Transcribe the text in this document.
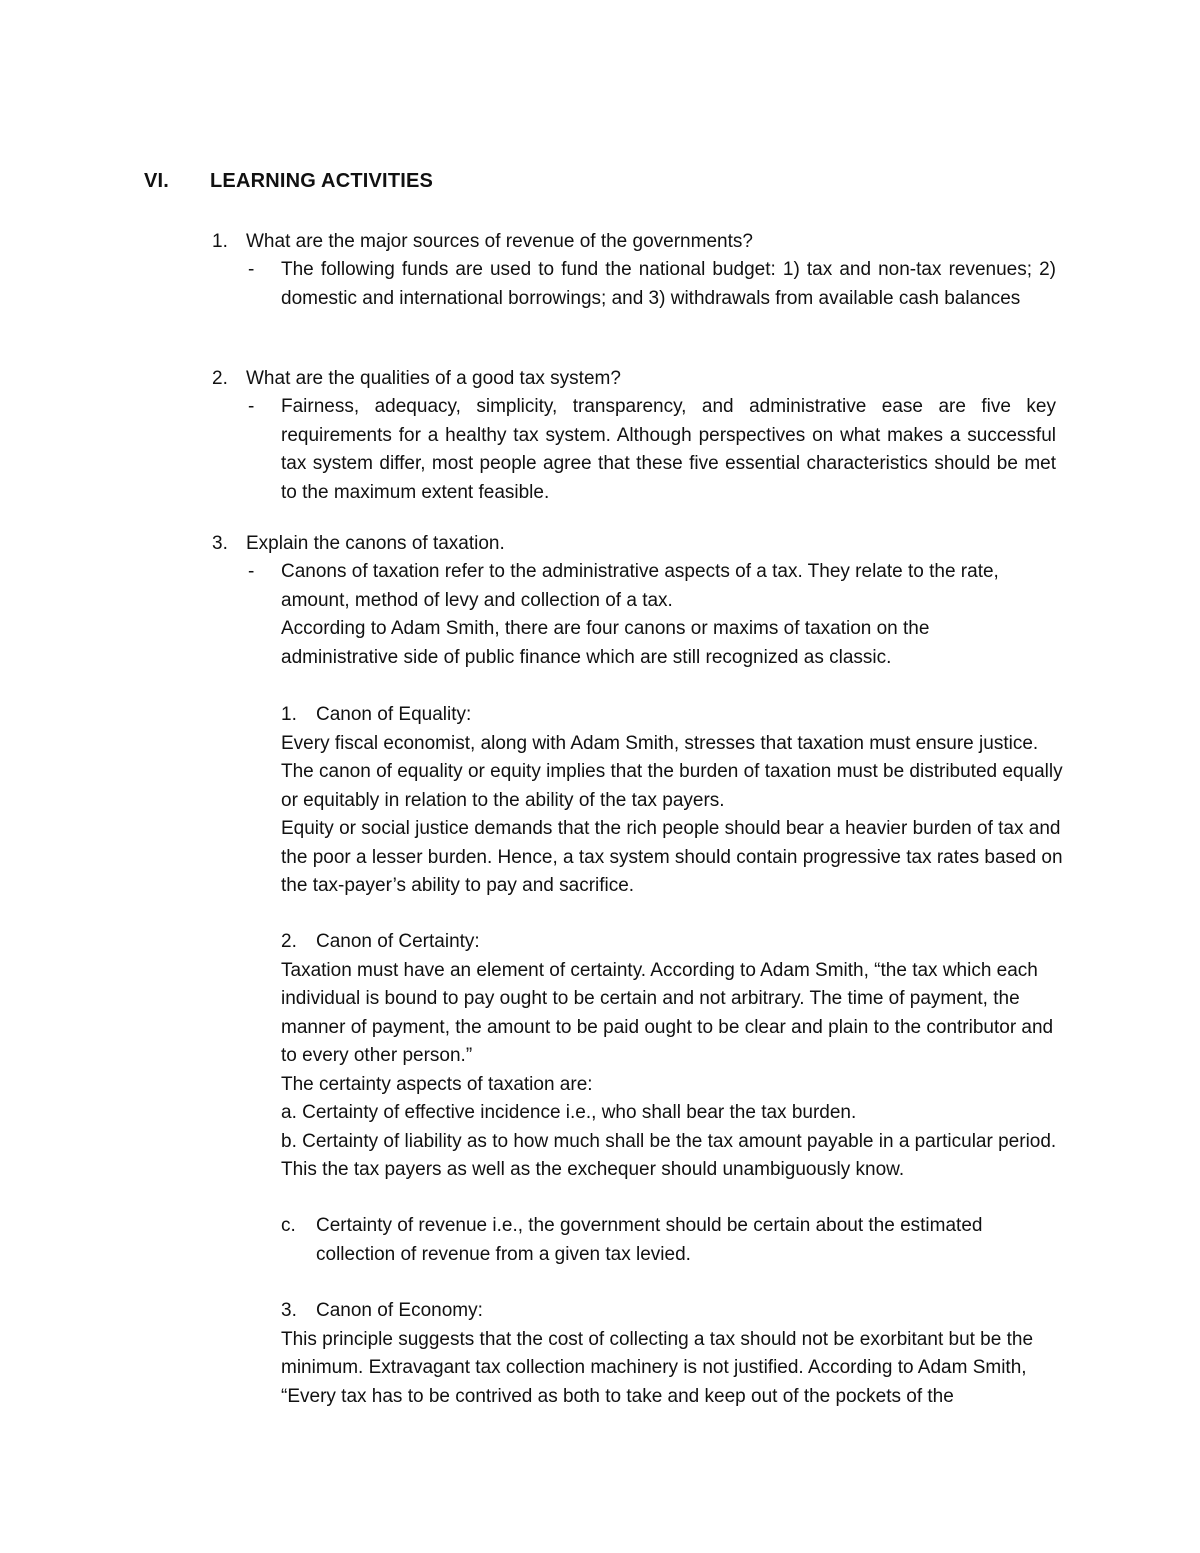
VI. LEARNING ACTIVITIES
1. What are the major sources of revenue of the governments?
- The following funds are used to fund the national budget: 1) tax and non-tax revenues; 2) domestic and international borrowings; and 3) withdrawals from available cash balances

2. What are the qualities of a good tax system?
- Fairness, adequacy, simplicity, transparency, and administrative ease are five key requirements for a healthy tax system. Although perspectives on what makes a successful tax system differ, most people agree that these five essential characteristics should be met to the maximum extent feasible.

3. Explain the canons of taxation.
- Canons of taxation refer to the administrative aspects of a tax. They relate to the rate, amount, method of levy and collection of a tax.

According to Adam Smith, there are four canons or maxims of taxation on the administrative side of public finance which are still recognized as classic.

1. Canon of Equality:

Every fiscal economist, along with Adam Smith, stresses that taxation must ensure justice. The canon of equality or equity implies that the burden of taxation must be distributed equally or equitably in relation to the ability of the tax payers.

Equity or social justice demands that the rich people should bear a heavier burden of tax and the poor a lesser burden. Hence, a tax system should contain progressive tax rates based on the tax-payer’s ability to pay and sacrifice.

2. Canon of Certainty:

Taxation must have an element of certainty. According to Adam Smith, “the tax which each individual is bound to pay ought to be certain and not arbitrary. The time of payment, the manner of payment, the amount to be paid ought to be clear and plain to the contributor and to every other person.”

The certainty aspects of taxation are:

a. Certainty of effective incidence i.e., who shall bear the tax burden.

b. Certainty of liability as to how much shall be the tax amount payable in a particular period. This the tax payers as well as the exchequer should unambiguously know.

c. Certainty of revenue i.e., the government should be certain about the estimated collection of revenue from a given tax levied.

3. Canon of Economy:

This principle suggests that the cost of collecting a tax should not be exorbitant but be the minimum. Extravagant tax collection machinery is not justified. According to Adam Smith, “Every tax has to be contrived as both to take and keep out of the pockets of the
